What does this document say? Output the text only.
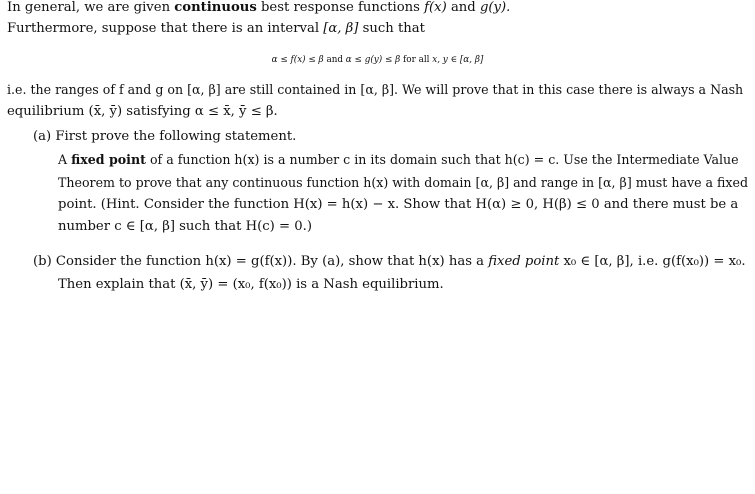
In general, we are given continuous best response functions f(x) and g(y).
Furthermore, suppose that there is an interval [α, β] such that
α ≤ f(x) ≤ β and α ≤ g(y) ≤ β for all x, y ∈ [α, β]
i.e. the ranges of f and g on [α, β] are still contained in [α, β]. We will prove that in this case there is always a Nash
equilibrium (x̄, ȳ) satisfying α ≤ x̄, ȳ ≤ β.
(a) First prove the following statement.
A fixed point of a function h(x) is a number c in its domain such that h(c) = c. Use the Intermediate Value
Theorem to prove that any continuous function h(x) with domain [α, β] and range in [α, β] must have a fixed
point. (Hint. Consider the function H(x) = h(x) − x. Show that H(α) ≥ 0, H(β) ≤ 0 and there must be a
number c ∈ [α, β] such that H(c) = 0.)
(b) Consider the function h(x) = g(f(x)). By (a), show that h(x) has a fixed point x₀ ∈ [α, β], i.e. g(f(x₀)) = x₀.
Then explain that (x̄, ȳ) = (x₀, f(x₀)) is a Nash equilibrium.
